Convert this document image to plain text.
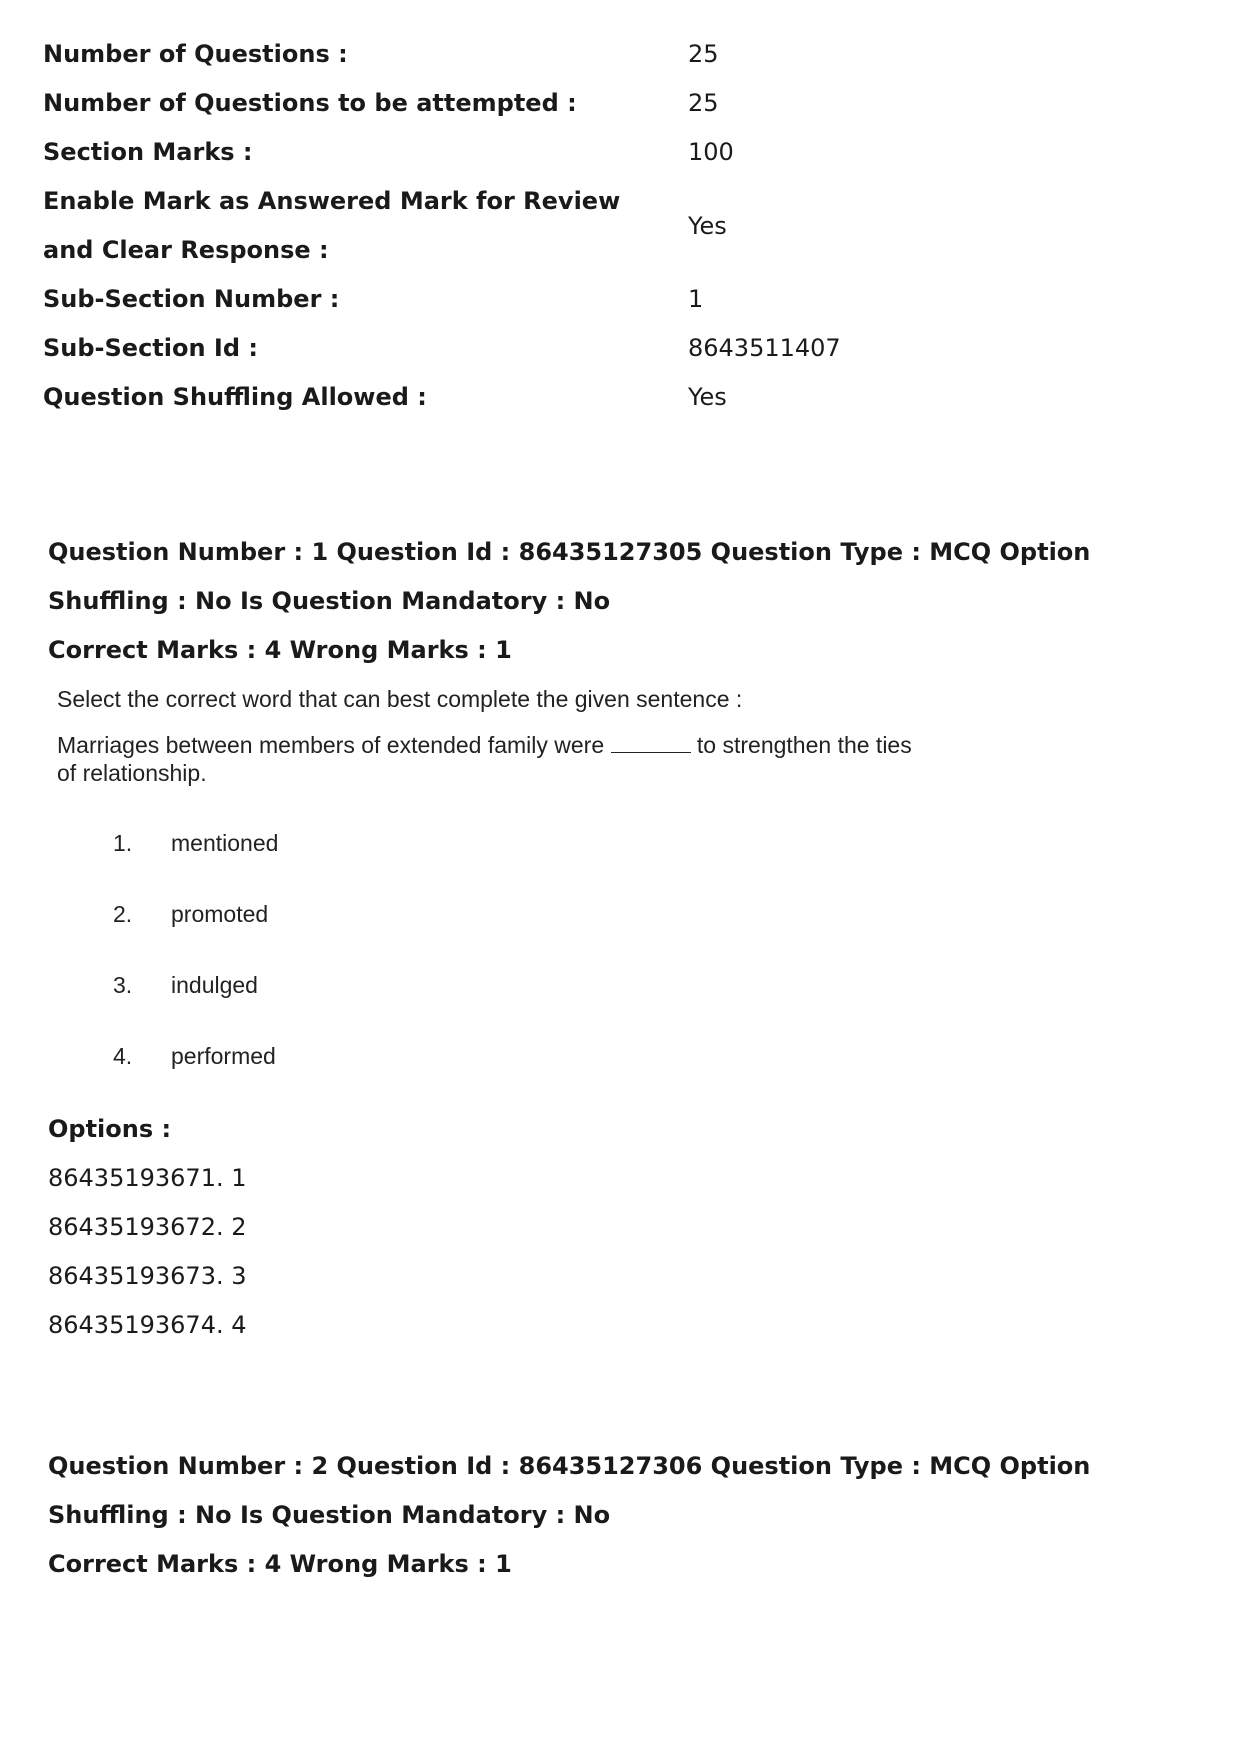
Number of Questions :	25
Number of Questions to be attempted :	25
Section Marks :	100
Enable Mark as Answered Mark for Review and Clear Response :
Yes
Sub-Section Number :	1
Sub-Section Id :	8643511407
Question Shuffling Allowed :	Yes

Question Number : 1 Question Id : 86435127305 Question Type : MCQ Option Shuffling : No Is Question Mandatory : No

Correct Marks : 4 Wrong Marks : 1

Select the correct word that can best complete the given sentence :

Marriages between members of extended family were	to strengthen the ties of relationship.

1.	mentioned
2.	promoted
3.	indulged
4.	performed
Options :
86435193671. 1
86435193672. 2
86435193673. 3
86435193674. 4

Question Number : 2 Question Id : 86435127306 Question Type : MCQ Option Shuffling : No Is Question Mandatory : No

Correct Marks : 4 Wrong Marks : 1
